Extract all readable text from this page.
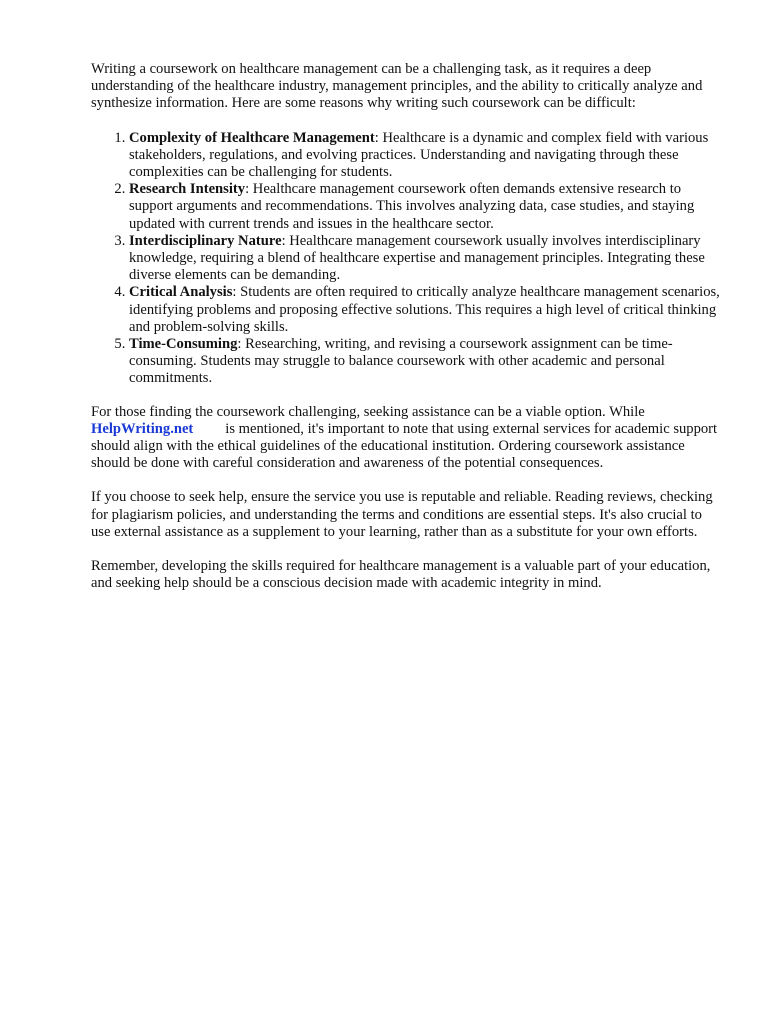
Writing a coursework on healthcare management can be a challenging task, as it requires a deep understanding of the healthcare industry, management principles, and the ability to critically analyze and synthesize information. Here are some reasons why writing such coursework can be difficult:

1. Complexity of Healthcare Management: Healthcare is a dynamic and complex field with various stakeholders, regulations, and evolving practices. Understanding and navigating through these complexities can be challenging for students.
2. Research Intensity: Healthcare management coursework often demands extensive research to support arguments and recommendations. This involves analyzing data, case studies, and staying updated with current trends and issues in the healthcare sector.
3. Interdisciplinary Nature: Healthcare management coursework usually involves interdisciplinary knowledge, requiring a blend of healthcare expertise and management principles. Integrating these diverse elements can be demanding.
4. Critical Analysis: Students are often required to critically analyze healthcare management scenarios, identifying problems and proposing effective solutions. This requires a high level of critical thinking and problem-solving skills.
5. Time-Consuming: Researching, writing, and revising a coursework assignment can be time-consuming. Students may struggle to balance coursework with other academic and personal commitments.

For those finding the coursework challenging, seeking assistance can be a viable option. While HelpWriting.net is mentioned, it's important to note that using external services for academic support should align with the ethical guidelines of the educational institution. Ordering coursework assistance should be done with careful consideration and awareness of the potential consequences.

If you choose to seek help, ensure the service you use is reputable and reliable. Reading reviews, checking for plagiarism policies, and understanding the terms and conditions are essential steps. It's also crucial to use external assistance as a supplement to your learning, rather than as a substitute for your own efforts.

Remember, developing the skills required for healthcare management is a valuable part of your education, and seeking help should be a conscious decision made with academic integrity in mind.
